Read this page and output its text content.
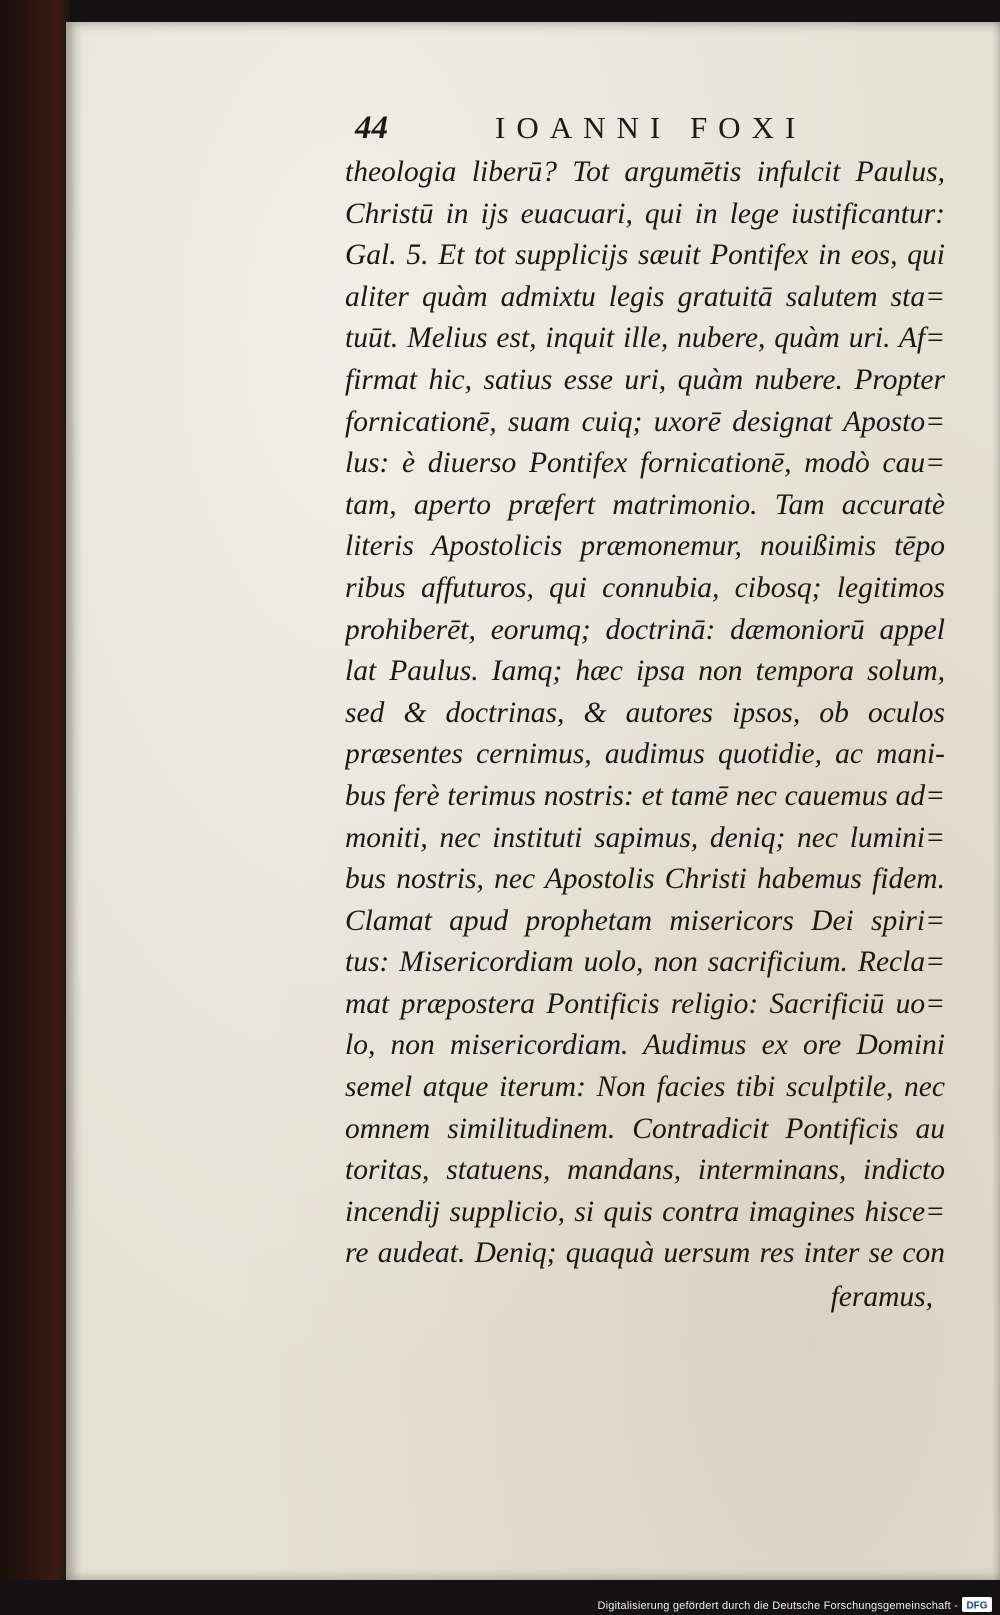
44	IOANNI FOXI
theologia liberū? Tot argumētis infulcit Paulus,
Christū in ijs euacuari, qui in lege iustificantur:
Gal. 5. Et tot supplicijs sæuit Pontifex in eos, qui
aliter quàm admixtu legis gratuitā salutem sta=
tuūt. Melius est, inquit ille, nubere, quàm uri. Af=
firmat hic, satius esse uri, quàm nubere. Propter
fornicationē, suam cuiq; uxorē designat Aposto=
lus: è diuerso Pontifex fornicationē, modò cau=
tam, aperto præfert matrimonio. Tam accuratè
literis Apostolicis præmonemur, nouißimis tēpo
ribus affuturos, qui connubia, cibosq; legitimos
prohiberēt, eorumq; doctrinā: dæmoniorū appel
lat Paulus. Iamq; hæc ipsa non tempora solum,
sed & doctrinas, & autores ipsos, ob oculos
præsentes cernimus, audimus quotidie, ac mani-
bus ferè terimus nostris: et tamē nec cauemus ad=
moniti, nec instituti sapimus, deniq; nec lumini=
bus nostris, nec Apostolis Christi habemus fidem.
Clamat apud prophetam misericors Dei spiri=
tus: Misericordiam uolo, non sacrificium. Recla=
mat præpostera Pontificis religio: Sacrificiū uo=
lo, non misericordiam. Audimus ex ore Domini
semel atque iterum: Non facies tibi sculptile, nec
omnem similitudinem. Contradicit Pontificis au
toritas, statuens, mandans, interminans, indicto
incendij supplicio, si quis contra imagines hisce=
re audeat. Deniq; quaquà uersum res inter se con
feramus,
Digitalisierung gefördert durch die Deutsche Forschungsgemeinschaft - DFG
